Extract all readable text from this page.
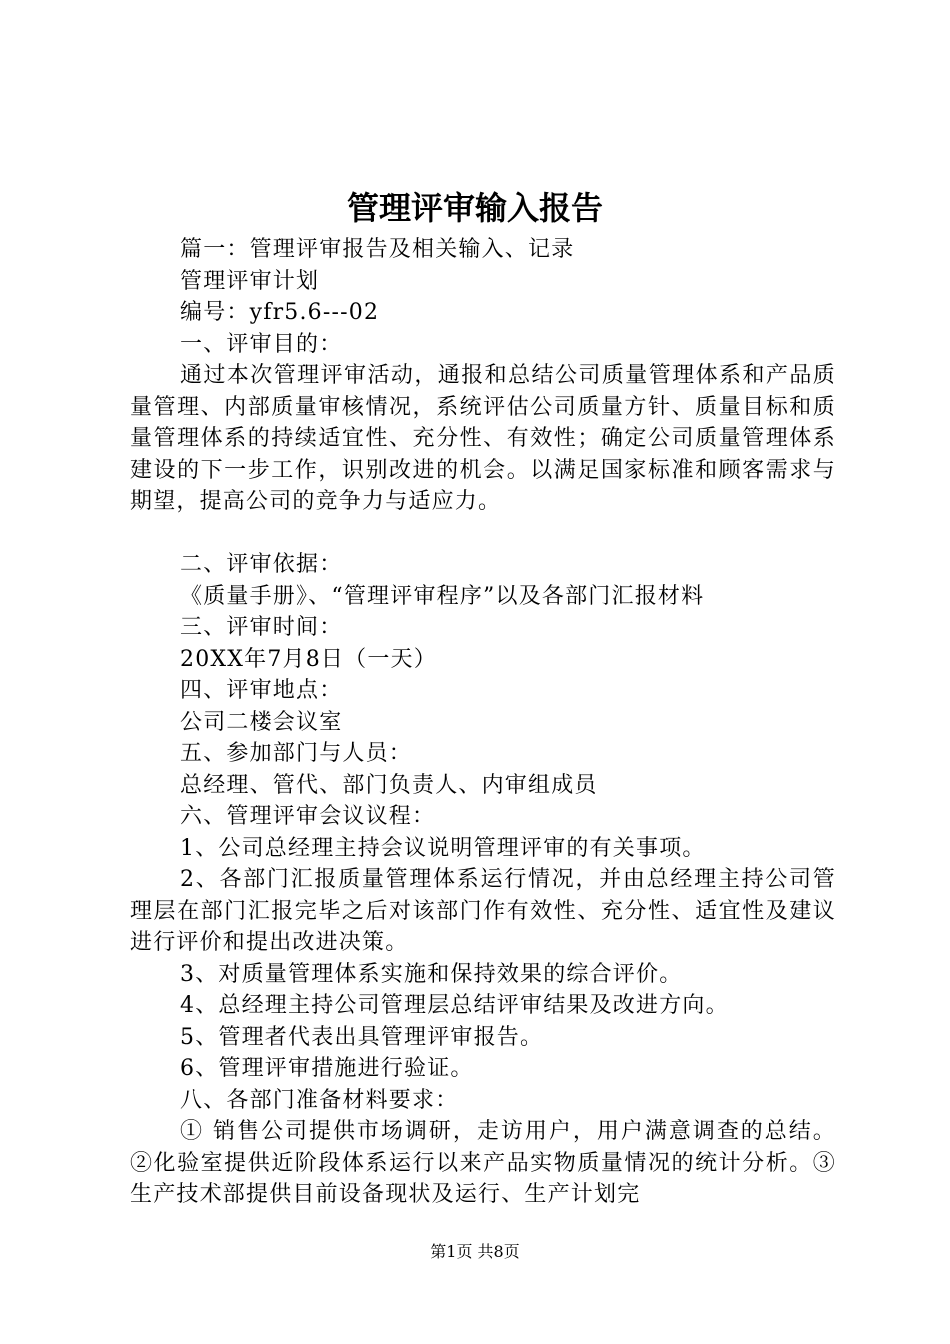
管理评审输入报告

篇一：管理评审报告及相关输入、记录

管理评审计划

编号：yfr5.6---02

一、评审目的：

通过本次管理评审活动，通报和总结公司质量管理体系和产品质量管理、内部质量审核情况，系统评估公司质量方针、质量目标和质量管理体系的持续适宜性、充分性、有效性；确定公司质量管理体系建设的下一步工作，识别改进的机会。以满足国家标准和顾客需求与期望，提高公司的竞争力与适应力。

二、评审依据：

《质量手册》、“管理评审程序”以及各部门汇报材料

三、评审时间：

20XX年7月8日（一天）

四、评审地点：

公司二楼会议室

五、参加部门与人员：

总经理、管代、部门负责人、内审组成员

六、管理评审会议议程：

1、公司总经理主持会议说明管理评审的有关事项。

2、各部门汇报质量管理体系运行情况，并由总经理主持公司管理层在部门汇报完毕之后对该部门作有效性、充分性、适宜性及建议进行评价和提出改进决策。

3、对质量管理体系实施和保持效果的综合评价。

4、总经理主持公司管理层总结评审结果及改进方向。

5、管理者代表出具管理评审报告。

6、管理评审措施进行验证。

八、各部门准备材料要求：

① 销售公司提供市场调研，走访用户，用户满意调查的总结。②化验室提供近阶段体系运行以来产品实物质量情况的统计分析。③生产技术部提供目前设备现状及运行、生产计划完

第1页 共8页
